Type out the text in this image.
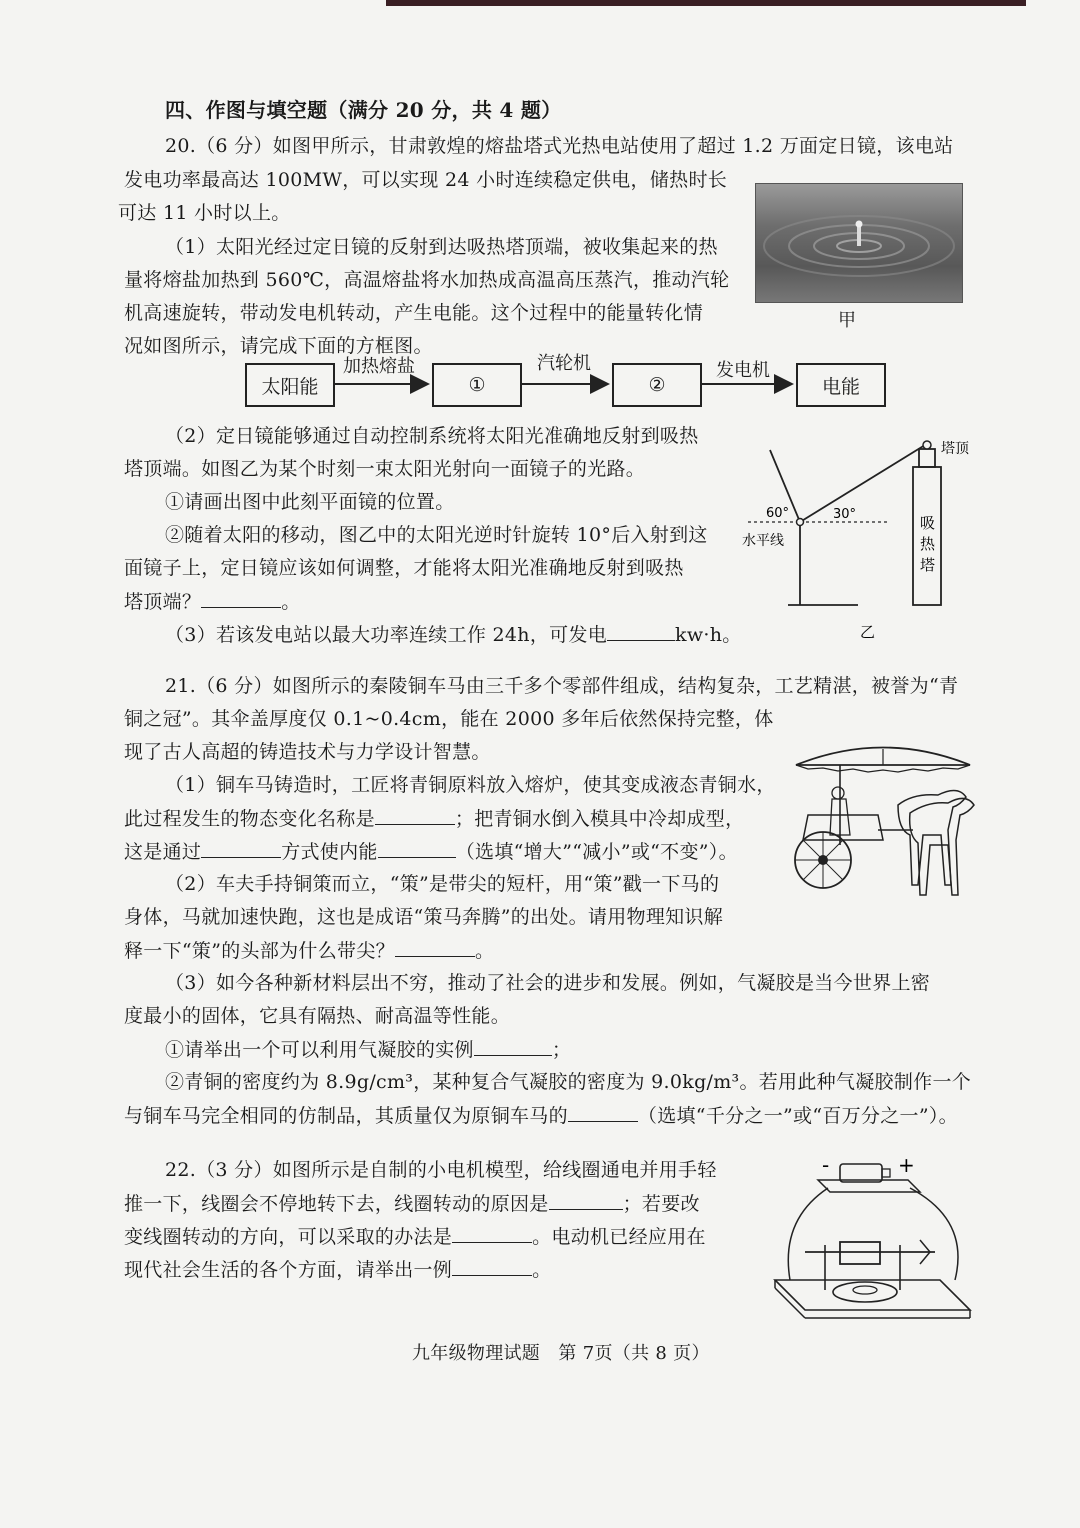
四、作图与填空题（满分 20 分，共 4 题）
20.（6 分）如图甲所示，甘肃敦煌的熔盐塔式光热电站使用了超过 1.2 万面定日镜，该电站
发电功率最高达 100MW，可以实现 24 小时连续稳定供电，储热时长
可达 11 小时以上。
（1）太阳光经过定日镜的反射到达吸热塔顶端，被收集起来的热
量将熔盐加热到 560℃，高温熔盐将水加热成高温高压蒸汽，推动汽轮
机高速旋转，带动发电机转动，产生电能。这个过程中的能量转化情
况如图所示，请完成下面的方框图。
甲
太阳能	①	②	电能
加热熔盐	汽轮机	发电机
（2）定日镜能够通过自动控制系统将太阳光准确地反射到吸热
塔顶端。如图乙为某个时刻一束太阳光射向一面镜子的光路。
①请画出图中此刻平面镜的位置。
②随着太阳的移动，图乙中的太阳光逆时针旋转 10°后入射到这
面镜子上，定日镜应该如何调整，才能将太阳光准确地反射到吸热
塔顶端？	。
（3）若该发电站以最大功率连续工作 24h，可发电	kw·h。
塔顶
60°	30°
水平线
吸
热
塔
乙
21.（6 分）如图所示的秦陵铜车马由三千多个零部件组成，结构复杂，工艺精湛，被誉为“青
铜之冠”。其伞盖厚度仅 0.1~0.4cm，能在 2000 多年后依然保持完整，体
现了古人高超的铸造技术与力学设计智慧。
（1）铜车马铸造时，工匠将青铜原料放入熔炉，使其变成液态青铜水，
此过程发生的物态变化名称是	；把青铜水倒入模具中冷却成型，
这是通过	方式使内能	（选填“增大”“减小”或“不变”）。
（2）车夫手持铜策而立，“策”是带尖的短杆，用“策”戳一下马的
身体，马就加速快跑，这也是成语“策马奔腾”的出处。请用物理知识解
释一下“策”的头部为什么带尖？	。
（3）如今各种新材料层出不穷，推动了社会的进步和发展。例如，气凝胶是当今世界上密
度最小的固体，它具有隔热、耐高温等性能。
①请举出一个可以利用气凝胶的实例	；
②青铜的密度约为 8.9g/cm³，某种复合气凝胶的密度为 9.0kg/m³。若用此种气凝胶制作一个
与铜车马完全相同的仿制品，其质量仅为原铜车马的	（选填“千分之一”或“百万分之一”）。
22.（3 分）如图所示是自制的小电机模型，给线圈通电并用手轻
推一下，线圈会不停地转下去，线圈转动的原因是	；若要改
变线圈转动的方向，可以采取的办法是	。电动机已经应用在
现代社会生活的各个方面，请举出一例	。
-	+
九年级物理试题　第 7页（共 8 页）
